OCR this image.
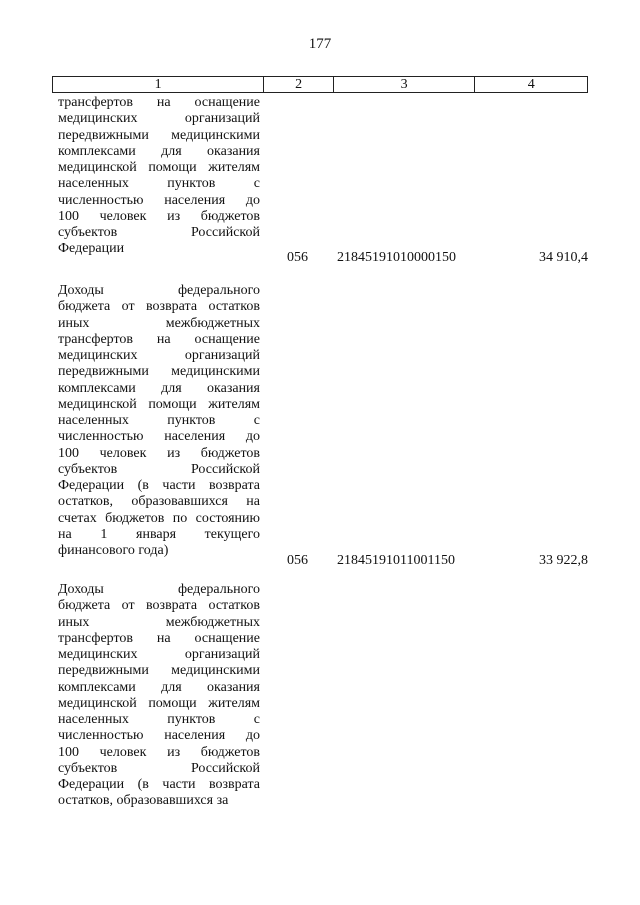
177
1	2	3	4
трансфертов на оснащение
медицинских организаций
передвижными медицинскими
комплексами для оказания
медицинской помощи жителям
населенных пунктов с
численностью населения до
100 человек из бюджетов
субъектов Российской
Федерации
056 21845191010000150	34 910,4
Доходы федерального
бюджета от возврата остатков
иных межбюджетных
трансфертов на оснащение
медицинских организаций
передвижными медицинскими
комплексами для оказания
медицинской помощи жителям
населенных пунктов с
численностью населения до
100 человек из бюджетов
субъектов Российской
Федерации (в части возврата
остатков, образовавшихся на
счетах бюджетов по состоянию
на 1 января текущего
финансового года)
056 21845191011001150	33 922,8
Доходы федерального
бюджета от возврата остатков
иных межбюджетных
трансфертов на оснащение
медицинских организаций
передвижными медицинскими
комплексами для оказания
медицинской помощи жителям
населенных пунктов с
численностью населения до
100 человек из бюджетов
субъектов Российской
Федерации (в части возврата
остатков, образовавшихся за
